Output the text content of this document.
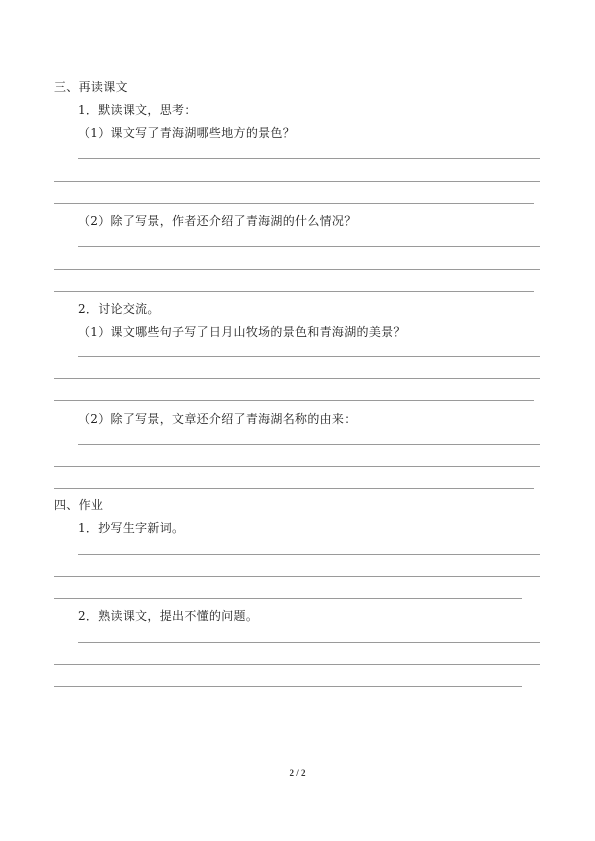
三、再读课文
1．默读课文，思考：
（1）课文写了青海湖哪些地方的景色？
（2）除了写景，作者还介绍了青海湖的什么情况？
2．讨论交流。
（1）课文哪些句子写了日月山牧场的景色和青海湖的美景？
（2）除了写景，文章还介绍了青海湖名称的由来：
四、作业
1．抄写生字新词。
2．熟读课文，提出不懂的问题。
2 / 2
